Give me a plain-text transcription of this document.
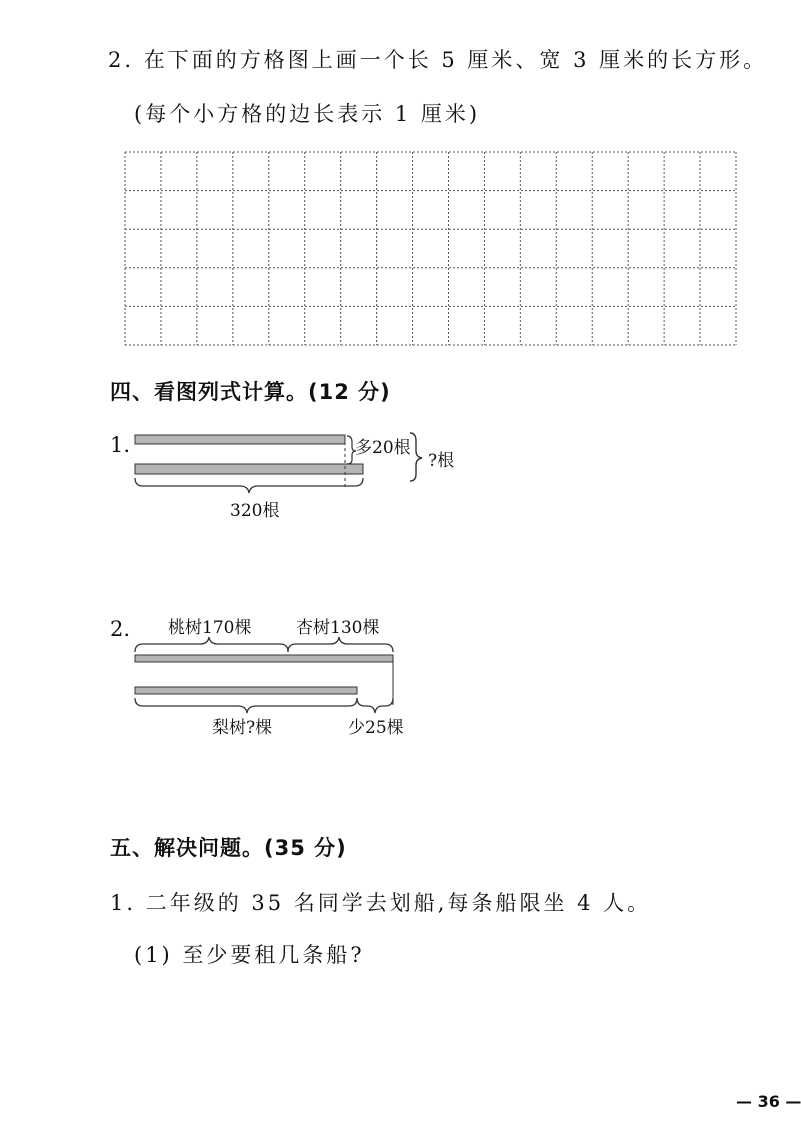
2. 在下面的方格图上画一个长 5 厘米、宽 3 厘米的长方形。
(每个小方格的边长表示 1 厘米)
四、看图列式计算。(12 分)
1.	多20根
?根
320根
2. 桃树170棵	杏树130棵
梨树?棵	少25棵
五、解决问题。(35 分)
1. 二年级的 35 名同学去划船,每条船限坐 4 人。
(1) 至少要租几条船?
— 36 —
